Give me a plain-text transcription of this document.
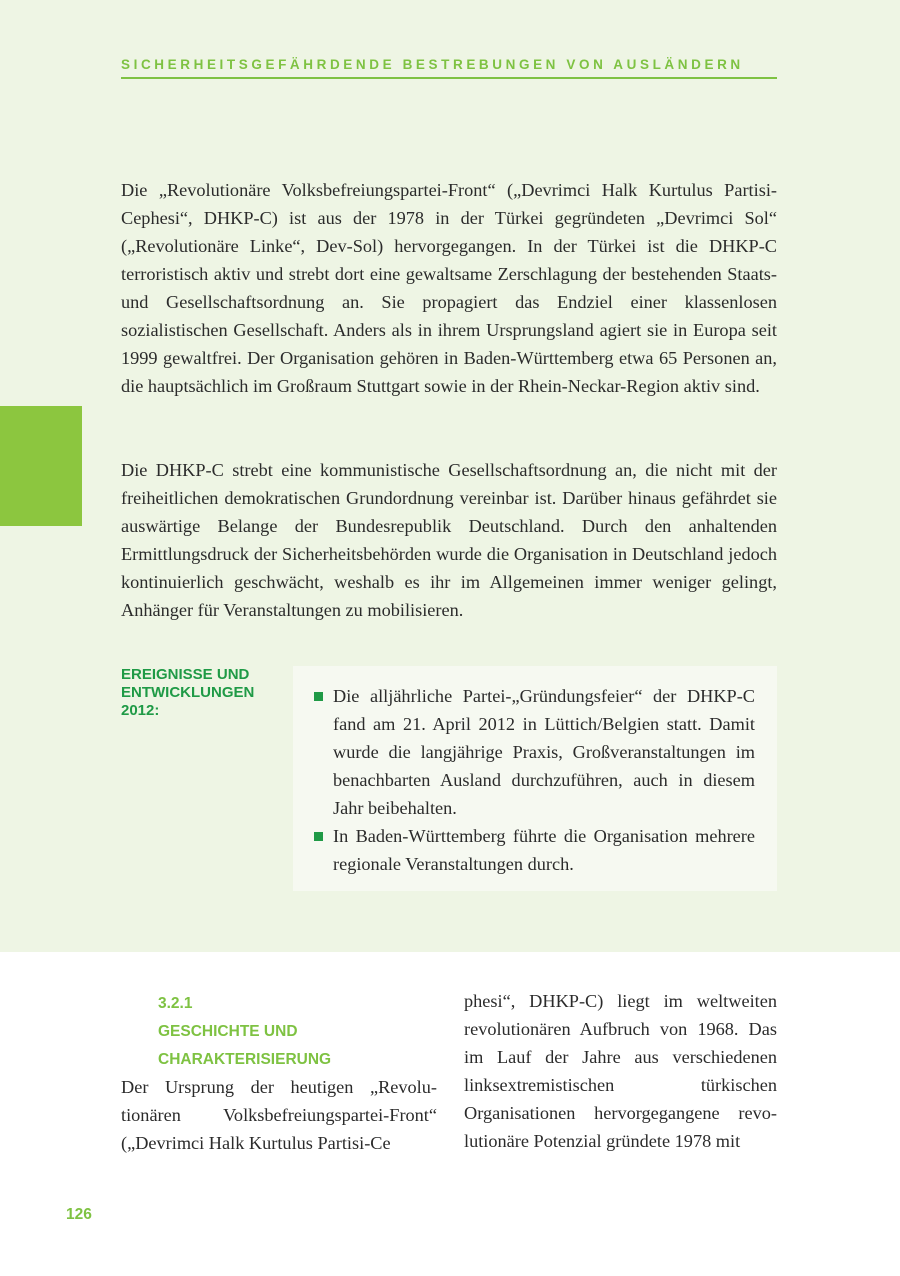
SICHERHEITSGEFÄHRDENDE BESTREBUNGEN VON AUSLÄNDERN

Die „Revolutionäre Volksbefreiungspartei-Front“ („Devrimci Halk Kurtulus Partisi-Cephesi“, DHKP-C) ist aus der 1978 in der Türkei gegründeten „Devrimci Sol“ („Revolutionäre Linke“, Dev-Sol) hervorgegangen. In der Türkei ist die DHKP-C terroristisch aktiv und strebt dort eine gewaltsame Zerschlagung der bestehenden Staats- und Gesellschaftsordnung an. Sie propagiert das Endziel einer klassenlosen sozialistischen Gesellschaft. Anders als in ihrem Ursprungsland agiert sie in Europa seit 1999 gewaltfrei. Der Organisation gehören in Baden-Württemberg etwa 65 Personen an, die hauptsächlich im Großraum Stuttgart sowie in der Rhein-Neckar-Region aktiv sind.

Die DHKP-C strebt eine kommunistische Gesellschaftsordnung an, die nicht mit der freiheitlichen demokratischen Grundordnung vereinbar ist. Darüber hinaus gefährdet sie auswärtige Belange der Bundesrepublik Deutschland. Durch den anhaltenden Ermittlungsdruck der Sicherheitsbehörden wurde die Organisation in Deutschland jedoch kontinuierlich geschwächt, weshalb es ihr im Allgemeinen immer weniger gelingt, Anhänger für Veranstaltungen zu mobilisieren.

EREIGNISSE UND
ENTWICKLUNGEN
2012:
Die alljährliche Partei-„Gründungsfeier“ der DHKP-C fand am 21. April 2012 in Lüttich/Belgien statt. Damit wurde die langjährige Praxis, Großveranstaltungen im benachbarten Ausland durchzuführen, auch in diesem Jahr beibehalten.
In Baden-Württemberg führte die Organisation mehrere regionale Veranstaltungen durch.
3.2.1
GESCHICHTE UND
CHARAKTERISIERUNG

Der Ursprung der heutigen „Revolutionären Volksbefreiungspartei-Front“ („Devrimci Halk Kurtulus Partisi-Ce

phesi“, DHKP-C) liegt im weltweiten revolutionären Aufbruch von 1968. Das im Lauf der Jahre aus verschiedenen linksextremistischen türkischen Organisationen hervorgegangene revolutionäre Potenzial gründete 1978 mit

126
